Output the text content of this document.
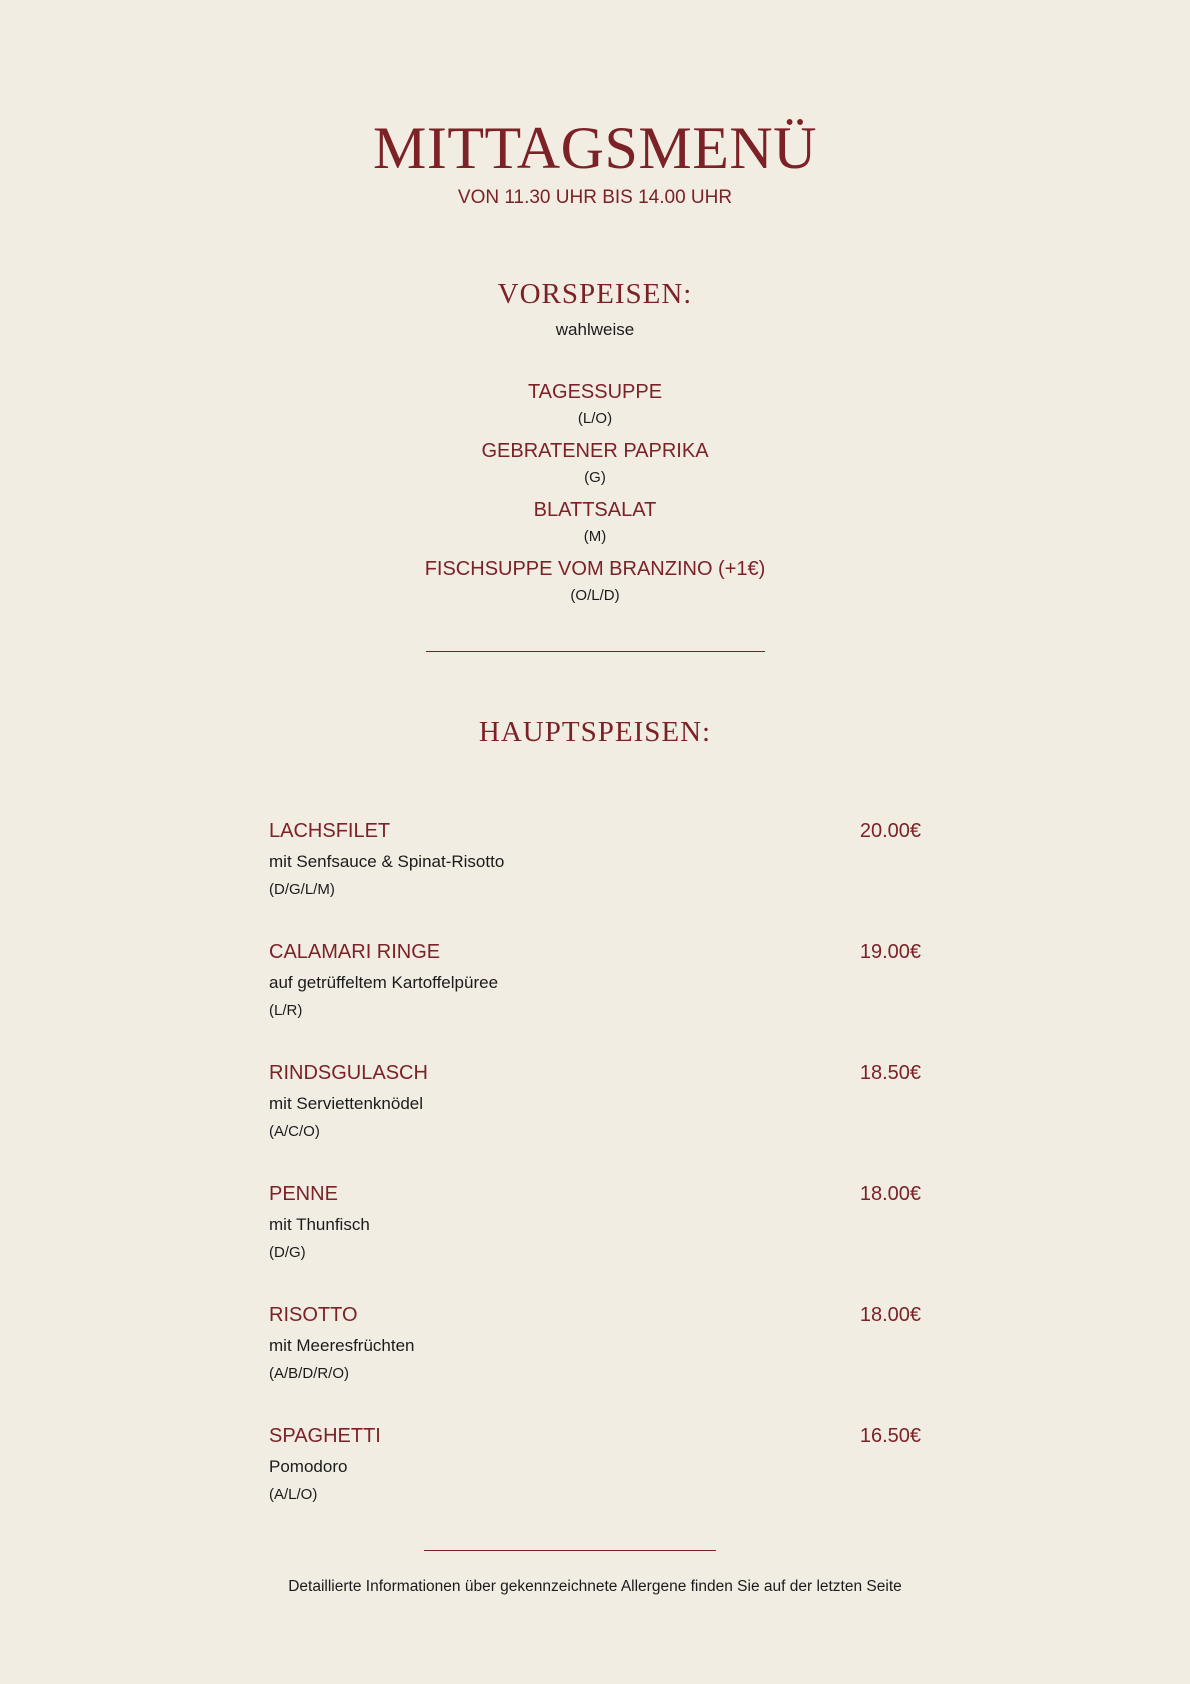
MITTAGSMENÜ
VON 11.30 UHR BIS 14.00 UHR
VORSPEISEN:
wahlweise
TAGESSUPPE
(L/O)
GEBRATENER PAPRIKA
(G)
BLATTSALAT
(M)
FISCHSUPPE VOM BRANZINO (+1€)
(O/L/D)
HAUPTSPEISEN:
LACHSFILET	20.00€
mit Senfsauce & Spinat-Risotto
(D/G/L/M)
CALAMARI RINGE	19.00€
auf getrüffeltem Kartoffelpüree
(L/R)
RINDSGULASCH	18.50€
mit Serviettenknödel
(A/C/O)
PENNE	18.00€
mit Thunfisch
(D/G)
RISOTTO	18.00€
mit Meeresfrüchten
(A/B/D/R/O)
SPAGHETTI	16.50€
Pomodoro
(A/L/O)
Detaillierte Informationen über gekennzeichnete Allergene finden Sie auf der letzten Seite
